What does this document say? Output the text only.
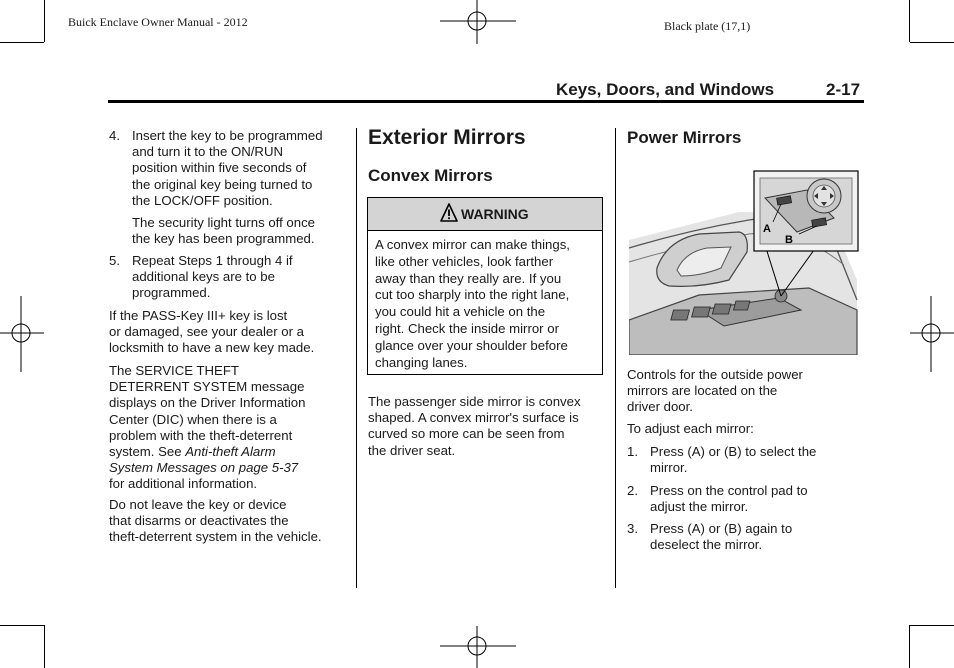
Buick Enclave Owner Manual - 2012	Black plate (17,1)
Keys, Doors, and Windows	2-17
4. Insert the key to be programmed
and turn it to the ON/RUN
position within five seconds of
the original key being turned to
the LOCK/OFF position.
The security light turns off once
the key has been programmed.
5. Repeat Steps 1 through 4 if
additional keys are to be
programmed.
If the PASS-Key III+ key is lost
or damaged, see your dealer or a
locksmith to have a new key made.
The SERVICE THEFT
DETERRENT SYSTEM message
displays on the Driver Information
Center (DIC) when there is a
problem with the theft-deterrent
system. See Anti-theft Alarm
System Messages on page 5-37
for additional information.
Do not leave the key or device
that disarms or deactivates the
theft-deterrent system in the vehicle.
Exterior Mirrors
Convex Mirrors
WARNING
A convex mirror can make things,
like other vehicles, look farther
away than they really are. If you
cut too sharply into the right lane,
you could hit a vehicle on the
right. Check the inside mirror or
glance over your shoulder before
changing lanes.
The passenger side mirror is convex
shaped. A convex mirror's surface is
curved so more can be seen from
the driver seat.
Power Mirrors
A
B
Controls for the outside power
mirrors are located on the
driver door.
To adjust each mirror:
1. Press (A) or (B) to select the
mirror.
2. Press on the control pad to
adjust the mirror.
3. Press (A) or (B) again to
deselect the mirror.
